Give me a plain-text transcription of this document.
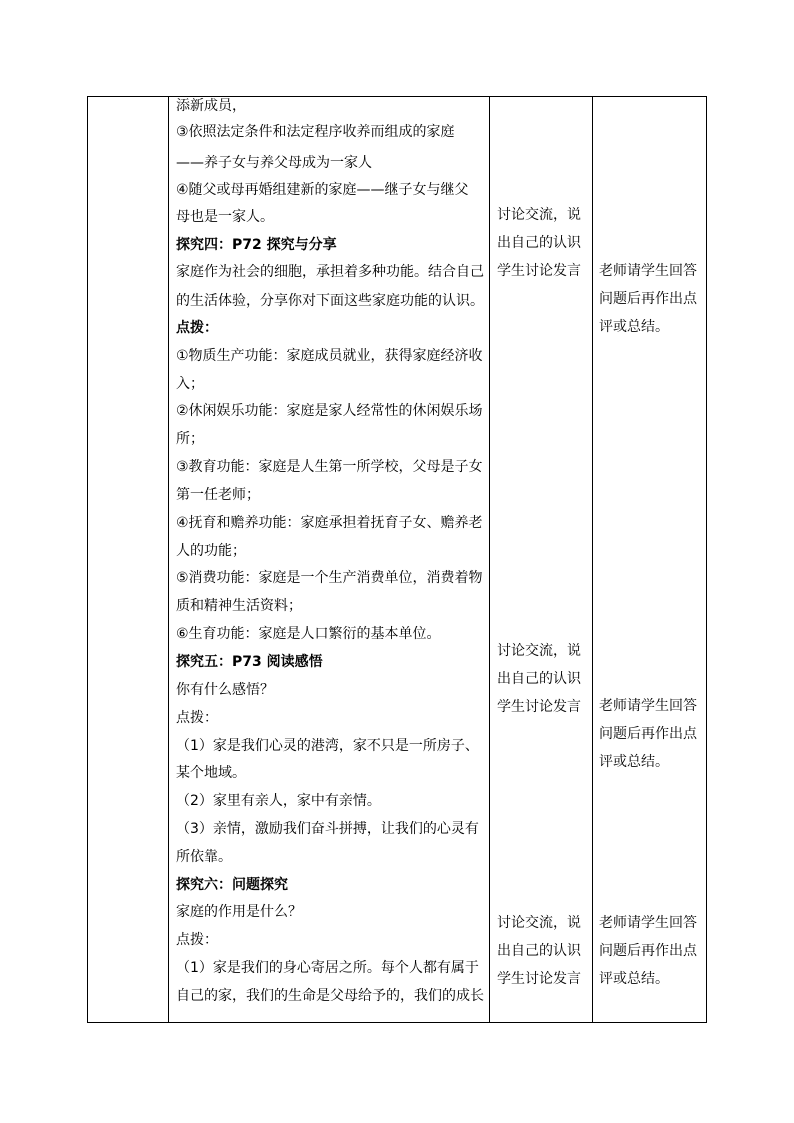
添新成员，
③依照法定条件和法定程序收养而组成的家庭
——养子女与养父母成为一家人
④随父或母再婚组建新的家庭——继子女与继父
母也是一家人。
探究四：P72 探究与分享
家庭作为社会的细胞，承担着多种功能。结合自己
的生活体验，分享你对下面这些家庭功能的认识。
点拨：
①物质生产功能：家庭成员就业，获得家庭经济收
入；
②休闲娱乐功能：家庭是家人经常性的休闲娱乐场
所；
③教育功能：家庭是人生第一所学校，父母是子女
第一任老师；
④抚育和赡养功能：家庭承担着抚育子女、赡养老
人的功能；
⑤消费功能：家庭是一个生产消费单位，消费着物
质和精神生活资料；
⑥生育功能：家庭是人口繁衍的基本单位。
探究五：P73 阅读感悟
你有什么感悟？
点拨：
（1）家是我们心灵的港湾，家不只是一所房子、
某个地域。
（2）家里有亲人，家中有亲情。
（3）亲情，激励我们奋斗拼搏，让我们的心灵有
所依靠。
探究六：问题探究
家庭的作用是什么？
点拨：
（1）家是我们的身心寄居之所。每个人都有属于
自己的家，我们的生命是父母给予的，我们的成长
讨论交流，说
出自己的认识
学生讨论发言
讨论交流，说
出自己的认识
学生讨论发言
讨论交流，说
出自己的认识
学生讨论发言
老师请学生回答
问题后再作出点
评或总结。
老师请学生回答
问题后再作出点
评或总结。
老师请学生回答
问题后再作出点
评或总结。
